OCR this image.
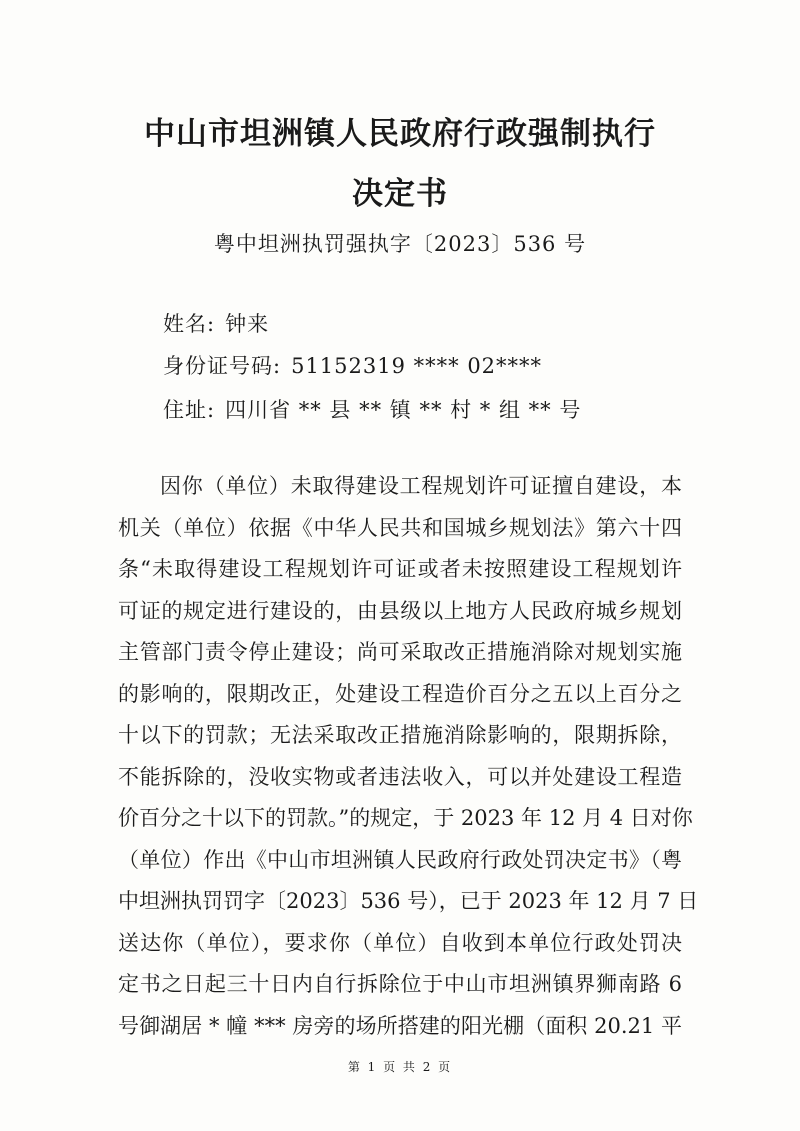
中山市坦洲镇人民政府行政强制执行
决定书
粤中坦洲执罚强执字〔2023〕536 号
姓名: 钟来
身份证号码: 51152319 **** 02****
住址: 四川省 ** 县 ** 镇 ** 村 * 组 ** 号
因你（单位）未取得建设工程规划许可证擅自建设，本
机关（单位）依据《中华人民共和国城乡规划法》第六十四
条“未取得建设工程规划许可证或者未按照建设工程规划许
可证的规定进行建设的，由县级以上地方人民政府城乡规划
主管部门责令停止建设；尚可采取改正措施消除对规划实施
的影响的，限期改正，处建设工程造价百分之五以上百分之
十以下的罚款；无法采取改正措施消除影响的，限期拆除，
不能拆除的，没收实物或者违法收入，可以并处建设工程造
价百分之十以下的罚款。”的规定，于 2023 年 12 月 4 日对你
（单位）作出《中山市坦洲镇人民政府行政处罚决定书》（粤
中坦洲执罚罚字〔2023〕536 号），已于 2023 年 12 月 7 日
送达你（单位），要求你（单位）自收到本单位行政处罚决
定书之日起三十日内自行拆除位于中山市坦洲镇界狮南路 6
号御湖居 * 幢 *** 房旁的场所搭建的阳光棚（面积 20.21 平
第 1 页 共 2 页
